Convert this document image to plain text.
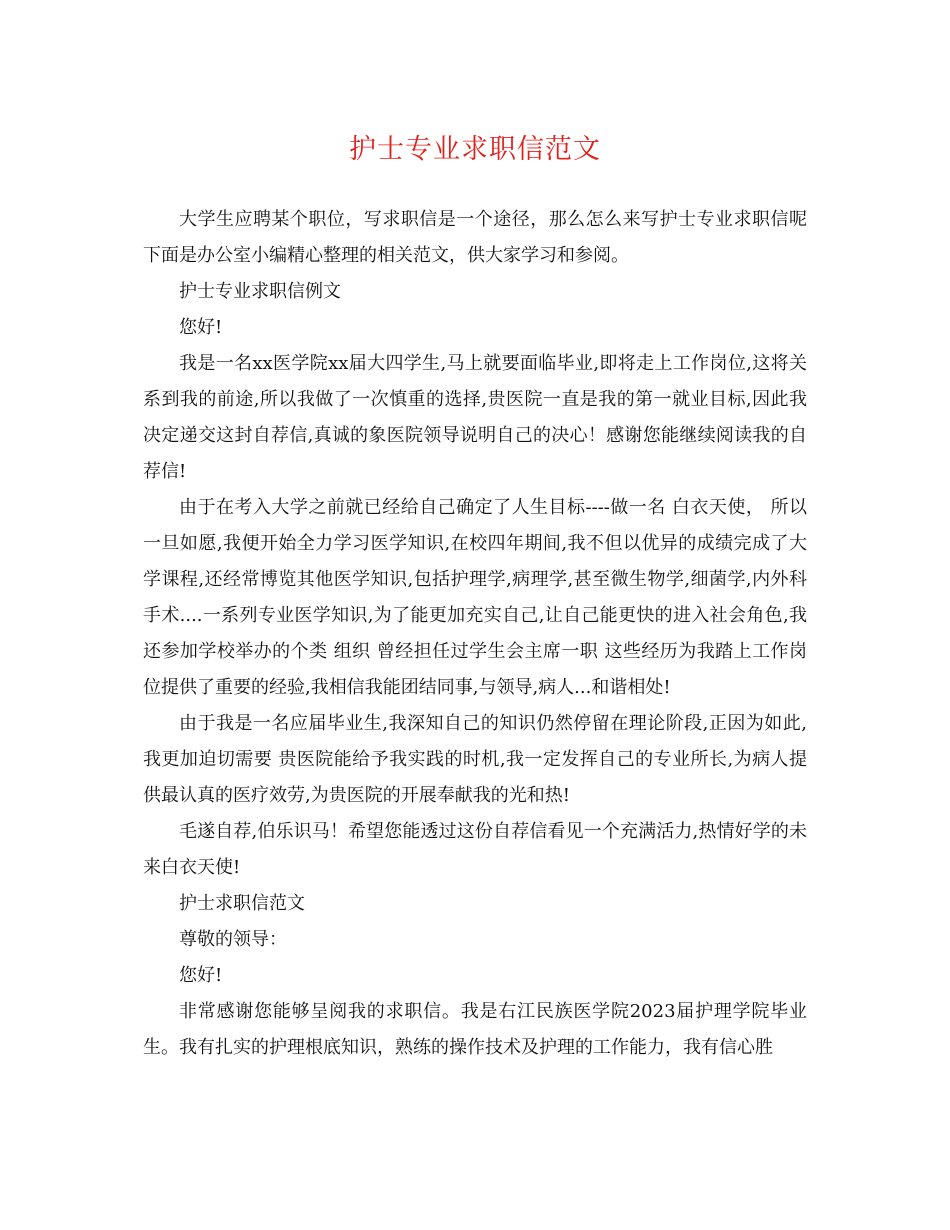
护士专业求职信范文

大学生应聘某个职位，写求职信是一个途径，那么怎么来写护士专业求职信呢下面是办公室小编精心整理的相关范文，供大家学习和参阅。

护士专业求职信例文

您好!

我是一名xx医学院xx届大四学生,马上就要面临毕业,即将走上工作岗位,这将关系到我的前途,所以我做了一次慎重的选择,贵医院一直是我的第一就业目标,因此我决定递交这封自荐信,真诚的象医院领导说明自己的决心！感谢您能继续阅读我的自荐信!

由于在考入大学之前就已经给自己确定了人生目标----做一名 白衣天使， 所以一旦如愿,我便开始全力学习医学知识,在校四年期间,我不但以优异的成绩完成了大学课程,还经常博览其他医学知识,包括护理学,病理学,甚至微生物学,细菌学,内外科手术....一系列专业医学知识,为了能更加充实自己,让自己能更快的进入社会角色,我还参加学校举办的个类 组织 曾经担任过学生会主席一职 这些经历为我踏上工作岗位提供了重要的经验,我相信我能团结同事,与领导,病人...和谐相处!

由于我是一名应届毕业生,我深知自己的知识仍然停留在理论阶段,正因为如此,我更加迫切需要 贵医院能给予我实践的时机,我一定发挥自己的专业所长,为病人提供最认真的医疗效劳,为贵医院的开展奉献我的光和热!

毛遂自荐,伯乐识马！希望您能透过这份自荐信看见一个充满活力,热情好学的未来白衣天使!

护士求职信范文

尊敬的领导：

您好!

非常感谢您能够呈阅我的求职信。我是右江民族医学院2023届护理学院毕业生。我有扎实的护理根底知识，熟练的操作技术及护理的工作能力，我有信心胜
